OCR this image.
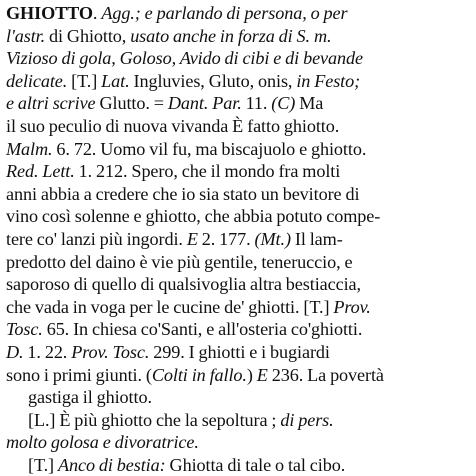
GHIOTTO. Agg.; e parlando di persona, o per
l'astr. di Ghiotto, usato anche in forza di S. m.
Vizioso di gola, Goloso, Avido di cibi e di bevande
delicate. [T.] Lat. Ingluvies, Gluto, onis, in Festo;
e altri scrive Glutto. = Dant. Par. 11. (C) Ma
il suo peculio di nuova vivanda È fatto ghiotto.
Malm. 6. 72. Uomo vil fu, ma biscajuolo e ghiotto.
Red. Lett. 1. 212. Spero, che il mondo fra molti
anni abbia a credere che io sia stato un bevitore di
vino così solenne e ghiotto, che abbia potuto compe-
tere co' lanzi più ingordi. E 2. 177. (Mt.) Il lam-
predotto del daino è vie più gentile, teneruccio, e
saporoso di quello di qualsivoglia altra bestiaccia,
che vada in voga per le cucine de' ghiotti. [T.] Prov.
Tosc. 65. In chiesa co'Santi, e all'osteria co'ghiotti.
D. 1. 22. Prov. Tosc. 299. I ghiotti e i bugiardi
sono i primi giunti. (Colti in fallo.) E 236. La povertà
gastiga il ghiotto.
[L.] È più ghiotto che la sepoltura ; di pers.
molto golosa e divoratrice.
[T.] Anco di bestia: Ghiotta di tale o tal cibo.
